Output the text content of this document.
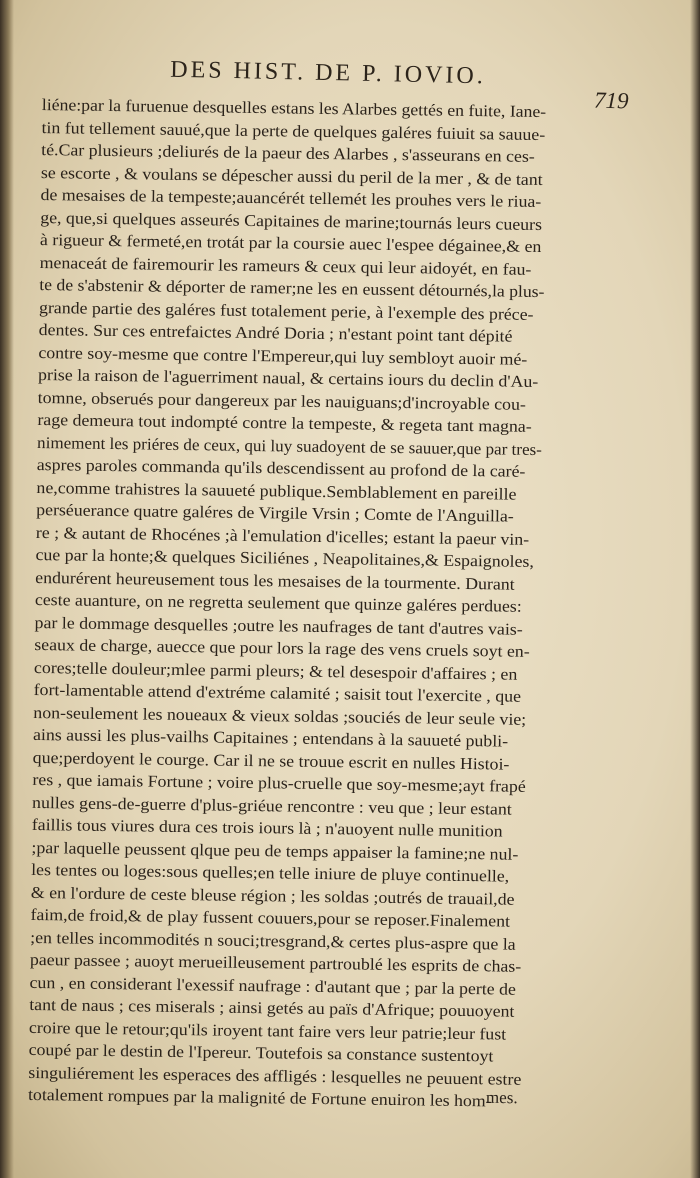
DES HIST. DE P. IOVIO.
719
liéne:par la furuenue desquelles estans les Alarbes gettés en fuite, Iane-
tin fut tellement sauué,que la perte de quelques galéres fuiuit sa sauue-
té.Car plusieurs ;deliurés de la paeur des Alarbes , s'asseurans en ces-
se escorte , & voulans se dépescher aussi du peril de la mer , & de tant
de mesaises de la tempeste;auancérét tellemét les prouhes vers le riua-
ge, que,si quelques asseurés Capitaines de marine;tournás leurs cueurs
à rigueur & fermeté,en trotát par la coursie auec l'espee dégainee,& en
menaceát de fairemourir les rameurs & ceux qui leur aidoyét, en fau-
te de s'abstenir & déporter de ramer;ne les en eussent détournés,la plus-
grande partie des galéres fust totalement perie, à l'exemple des préce-
dentes. Sur ces entrefaictes André Doria ; n'estant point tant dépité
contre soy-mesme que contre l'Empereur,qui luy sembloyt auoir mé-
prise la raison de l'aguerriment naual, & certains iours du declin d'Au-
tomne, obserués pour dangereux par les nauiguans;d'incroyable cou-
rage demeura tout indompté contre la tempeste, & regeta tant magna-
nimement les priéres de ceux, qui luy suadoyent de se sauuer,que par tres-
aspres paroles commanda qu'ils descendissent au profond de la caré-
ne,comme trahistres la sauueté publique.Semblablement en pareille
perséuerance quatre galéres de Virgile Vrsin ; Comte de l'Anguilla-
re ; & autant de Rhocénes ;à l'emulation d'icelles; estant la paeur vin-
cue par la honte;& quelques Siciliénes , Neapolitaines,& Espaignoles,
endurérent heureusement tous les mesaises de la tourmente. Durant
ceste auanture, on ne regretta seulement que quinze galéres perdues:
par le dommage desquelles ;outre les naufrages de tant d'autres vais-
seaux de charge, auecce que pour lors la rage des vens cruels soyt en-
cores;telle douleur;mlee parmi pleurs; & tel desespoir d'affaires ; en
fort-lamentable attend d'extréme calamité ; saisit tout l'exercite , que
non-seulement les noueaux & vieux soldas ;souciés de leur seule vie;
ains aussi les plus-vailhs Capitaines ; entendans à la sauueté publi-
que;perdoyent le courge. Car il ne se trouue escrit en nulles Histoi-
res , que iamais Fortune ; voire plus-cruelle que soy-mesme;ayt frapé
nulles gens-de-guerre d'plus-griéue rencontre : veu que ; leur estant
faillis tous viures dura ces trois iours là ; n'auoyent nulle munition
;par laquelle peussent qlque peu de temps appaiser la famine;ne nul-
les tentes ou loges:sous quelles;en telle iniure de pluye continuelle,
& en l'ordure de ceste bleuse région ; les soldas ;outrés de trauail,de
faim,de froid,& de play fussent couuers,pour se reposer.Finalement
;en telles incommodités n souci;tresgrand,& certes plus-aspre que la
paeur passee ; auoyt merueilleusement partroublé les esprits de chas-
cun , en considerant l'exessif naufrage : d'autant que ; par la perte de
tant de naus ; ces miserals ; ainsi getés au païs d'Afrique; pouuoyent
croire que le retour;qu'ils iroyent tant faire vers leur patrie;leur fust
coupé par le destin de l'Ipereur. Toutefois sa constance sustentoyt
singuliérement les esperaces des affligés : lesquelles ne peuuent estre
totalement rompues par la malignité de Fortune enuiron les hom-
mes.
